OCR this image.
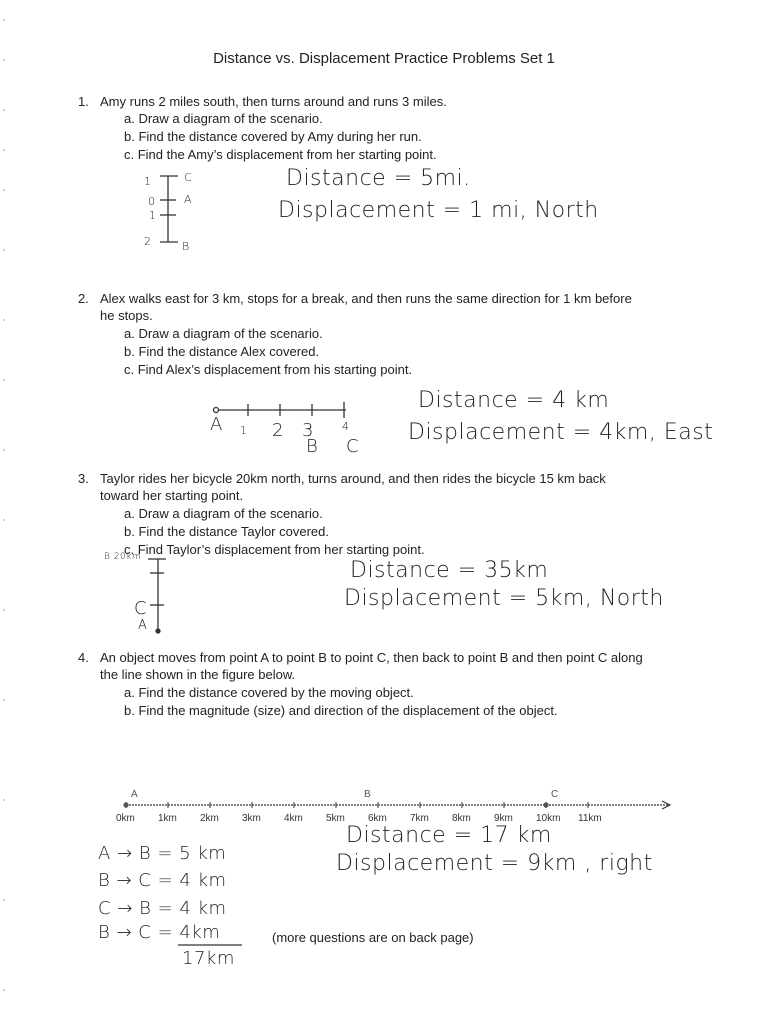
Distance vs. Displacement Practice Problems Set 1
1. Amy runs 2 miles south, then turns around and runs 3 miles.
a. Draw a diagram of the scenario.
b. Find the distance covered by Amy during her run.
c. Find the Amy’s displacement from her starting point.
1
0
1
2
C
A
B
Distance = 5mi.
Displacement = 1 mi, North
2. Alex walks east for 3 km, stops for a break, and then runs the same direction for 1 km before
he stops.
a. Draw a diagram of the scenario.
b. Find the distance Alex covered.
c. Find Alex’s displacement from his starting point.
A 1 2 3	4
B C
Distance = 4 km
Displacement = 4km, East
3. Taylor rides her bicycle 20km north, turns around, and then rides the bicycle 15 km back
toward her starting point.
a. Draw a diagram of the scenario.
b. Find the distance Taylor covered.
c. Find Taylor’s displacement from her starting point.
B 20km
C
A
Distance = 35km
Displacement = 5km, North
4. An object moves from point A to point B to point C, then back to point B and then point C along
the line shown in the figure below.
a. Find the distance covered by the moving object.
b. Find the magnitude (size) and direction of the displacement of the object.
A	B	C
0km 1km 2km 3km 4km 5km 6km 7km 8km 9km 10km 11km
Distance = 17 km
Displacement = 9km , right
A → B = 5 km
B → C = 4 km
C → B = 4 km
B → C = 4km
17km
(more questions are on back page)
